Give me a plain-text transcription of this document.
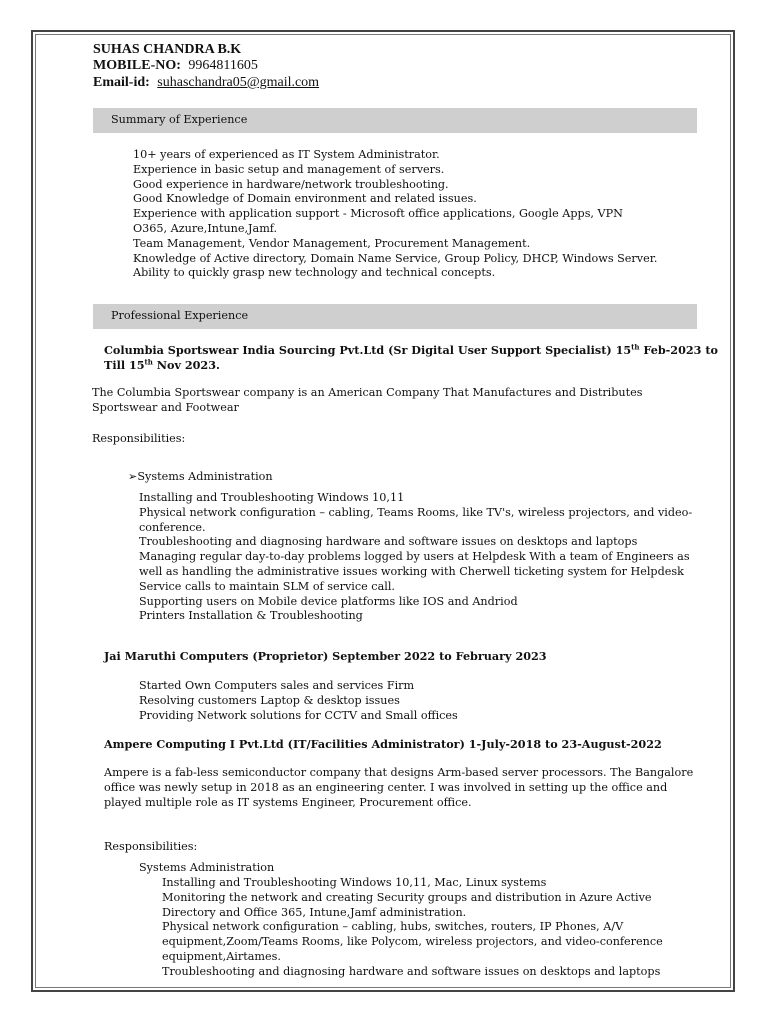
SUHAS CHANDRA B.K
MOBILE-NO: 9964811605
Email-id: suhaschandra05@gmail.com
Summary of Experience
10+ years of experienced as IT System Administrator.
Experience in basic setup and management of servers.
Good experience in hardware/network troubleshooting.
Good Knowledge of Domain environment and related issues.
Experience with application support - Microsoft office applications, Google Apps, VPN
O365, Azure,Intune,Jamf.
Team Management, Vendor Management, Procurement Management.
Knowledge of Active directory, Domain Name Service, Group Policy, DHCP, Windows Server.
Ability to quickly grasp new technology and technical concepts.
Professional Experience
Columbia Sportswear India Sourcing Pvt.Ltd (Sr Digital User Support Specialist) 15th Feb-2023 to
Till 15th Nov 2023.
The Columbia Sportswear company is an American Company That Manufactures and Distributes
Sportswear and Footwear
Responsibilities:
➢Systems Administration
Installing and Troubleshooting Windows 10,11
Physical network configuration – cabling, Teams Rooms, like TV's, wireless projectors, and video-
conference.
Troubleshooting and diagnosing hardware and software issues on desktops and laptops
Managing regular day-to-day problems logged by users at Helpdesk With a team of Engineers as
well as handling the administrative issues working with Cherwell ticketing system for Helpdesk
Service calls to maintain SLM of service call.
Supporting users on Mobile device platforms like IOS and Andriod
Printers Installation & Troubleshooting
Jai Maruthi Computers (Proprietor) September 2022 to February 2023
Started Own Computers sales and services Firm
Resolving customers Laptop & desktop issues
Providing Network solutions for CCTV and Small offices
Ampere Computing I Pvt.Ltd (IT/Facilities Administrator) 1-July-2018 to 23-August-2022
Ampere is a fab-less semiconductor company that designs Arm-based server processors. The Bangalore
office was newly setup in 2018 as an engineering center. I was involved in setting up the office and
played multiple role as IT systems Engineer, Procurement office.
Responsibilities:
Systems Administration
Installing and Troubleshooting Windows 10,11, Mac, Linux systems
Monitoring the network and creating Security groups and distribution in Azure Active
Directory and Office 365, Intune,Jamf administration.
Physical network configuration – cabling, hubs, switches, routers, IP Phones, A/V
equipment,Zoom/Teams Rooms, like Polycom, wireless projectors, and video-conference
equipment,Airtames.
Troubleshooting and diagnosing hardware and software issues on desktops and laptops
